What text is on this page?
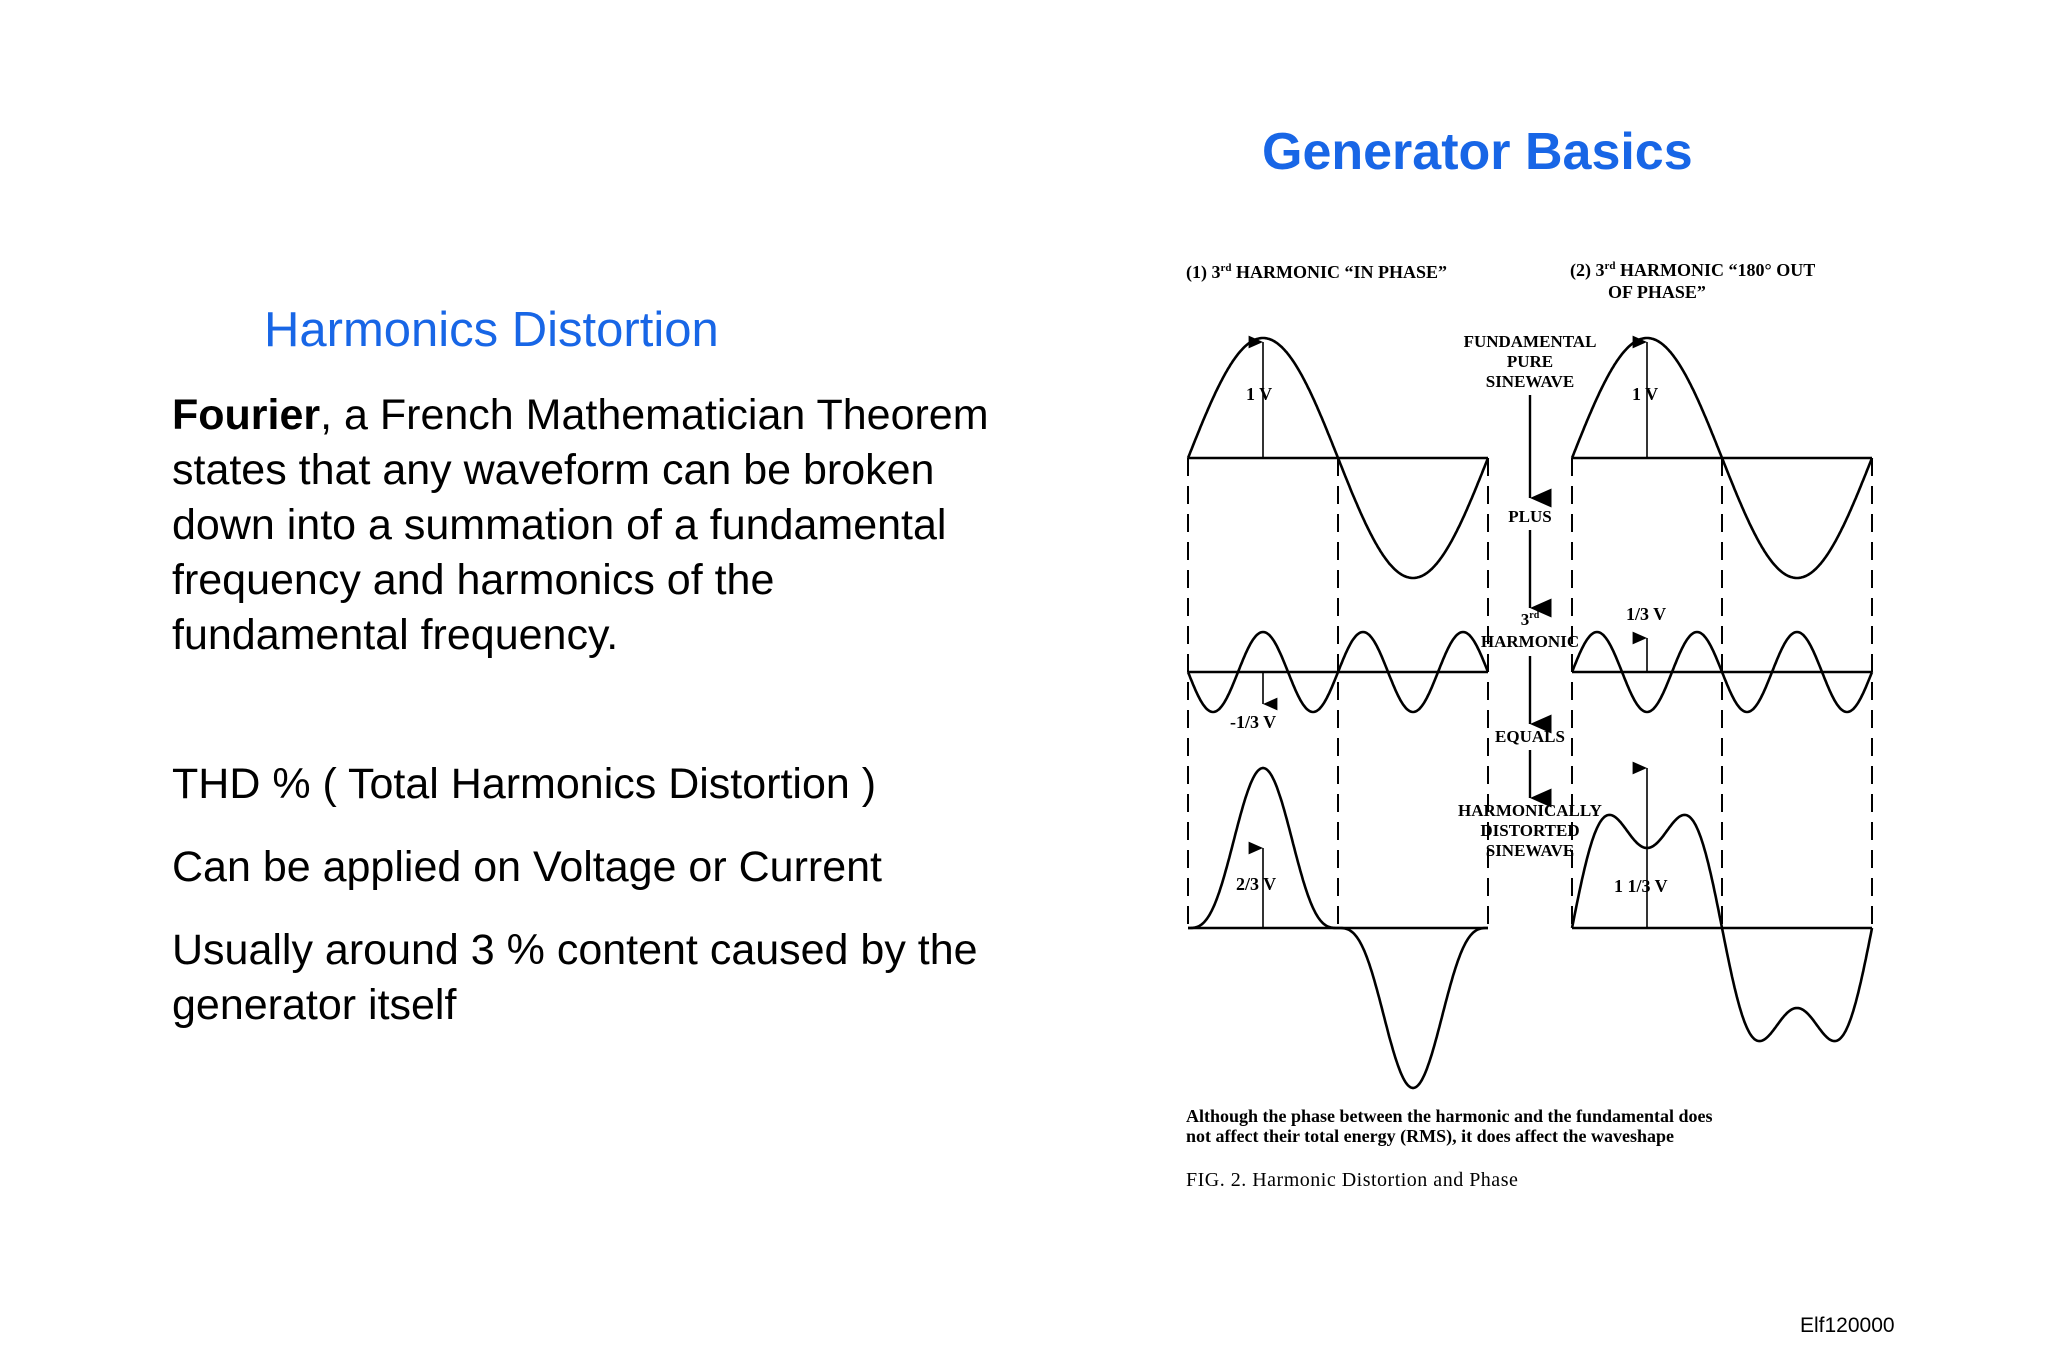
Generator Basics
Harmonics Distortion
Fourier, a French Mathematician Theorem states that any waveform can be broken down into a summation of a fundamental frequency and harmonics of the fundamental frequency.
THD % ( Total Harmonics Distortion )
Can be applied on Voltage or Current
Usually around 3 % content caused by the generator itself
(1) 3rd HARMONIC “IN PHASE”	(2) 3rd HARMONIC “180° OUT
OF PHASE”
1 V
-1/3 V
2/3 V
1 V
1/3 V
1 1/3 V
FUNDAMENTAL
PURE
SINEWAVE
PLUS
3rd
HARMONIC
EQUALS
HARMONICALLY
DISTORTED
SINEWAVE
Although the phase between the harmonic and the fundamental does
not affect their total energy (RMS), it does affect the waveshape
FIG. 2. Harmonic Distortion and Phase
Elf120000
